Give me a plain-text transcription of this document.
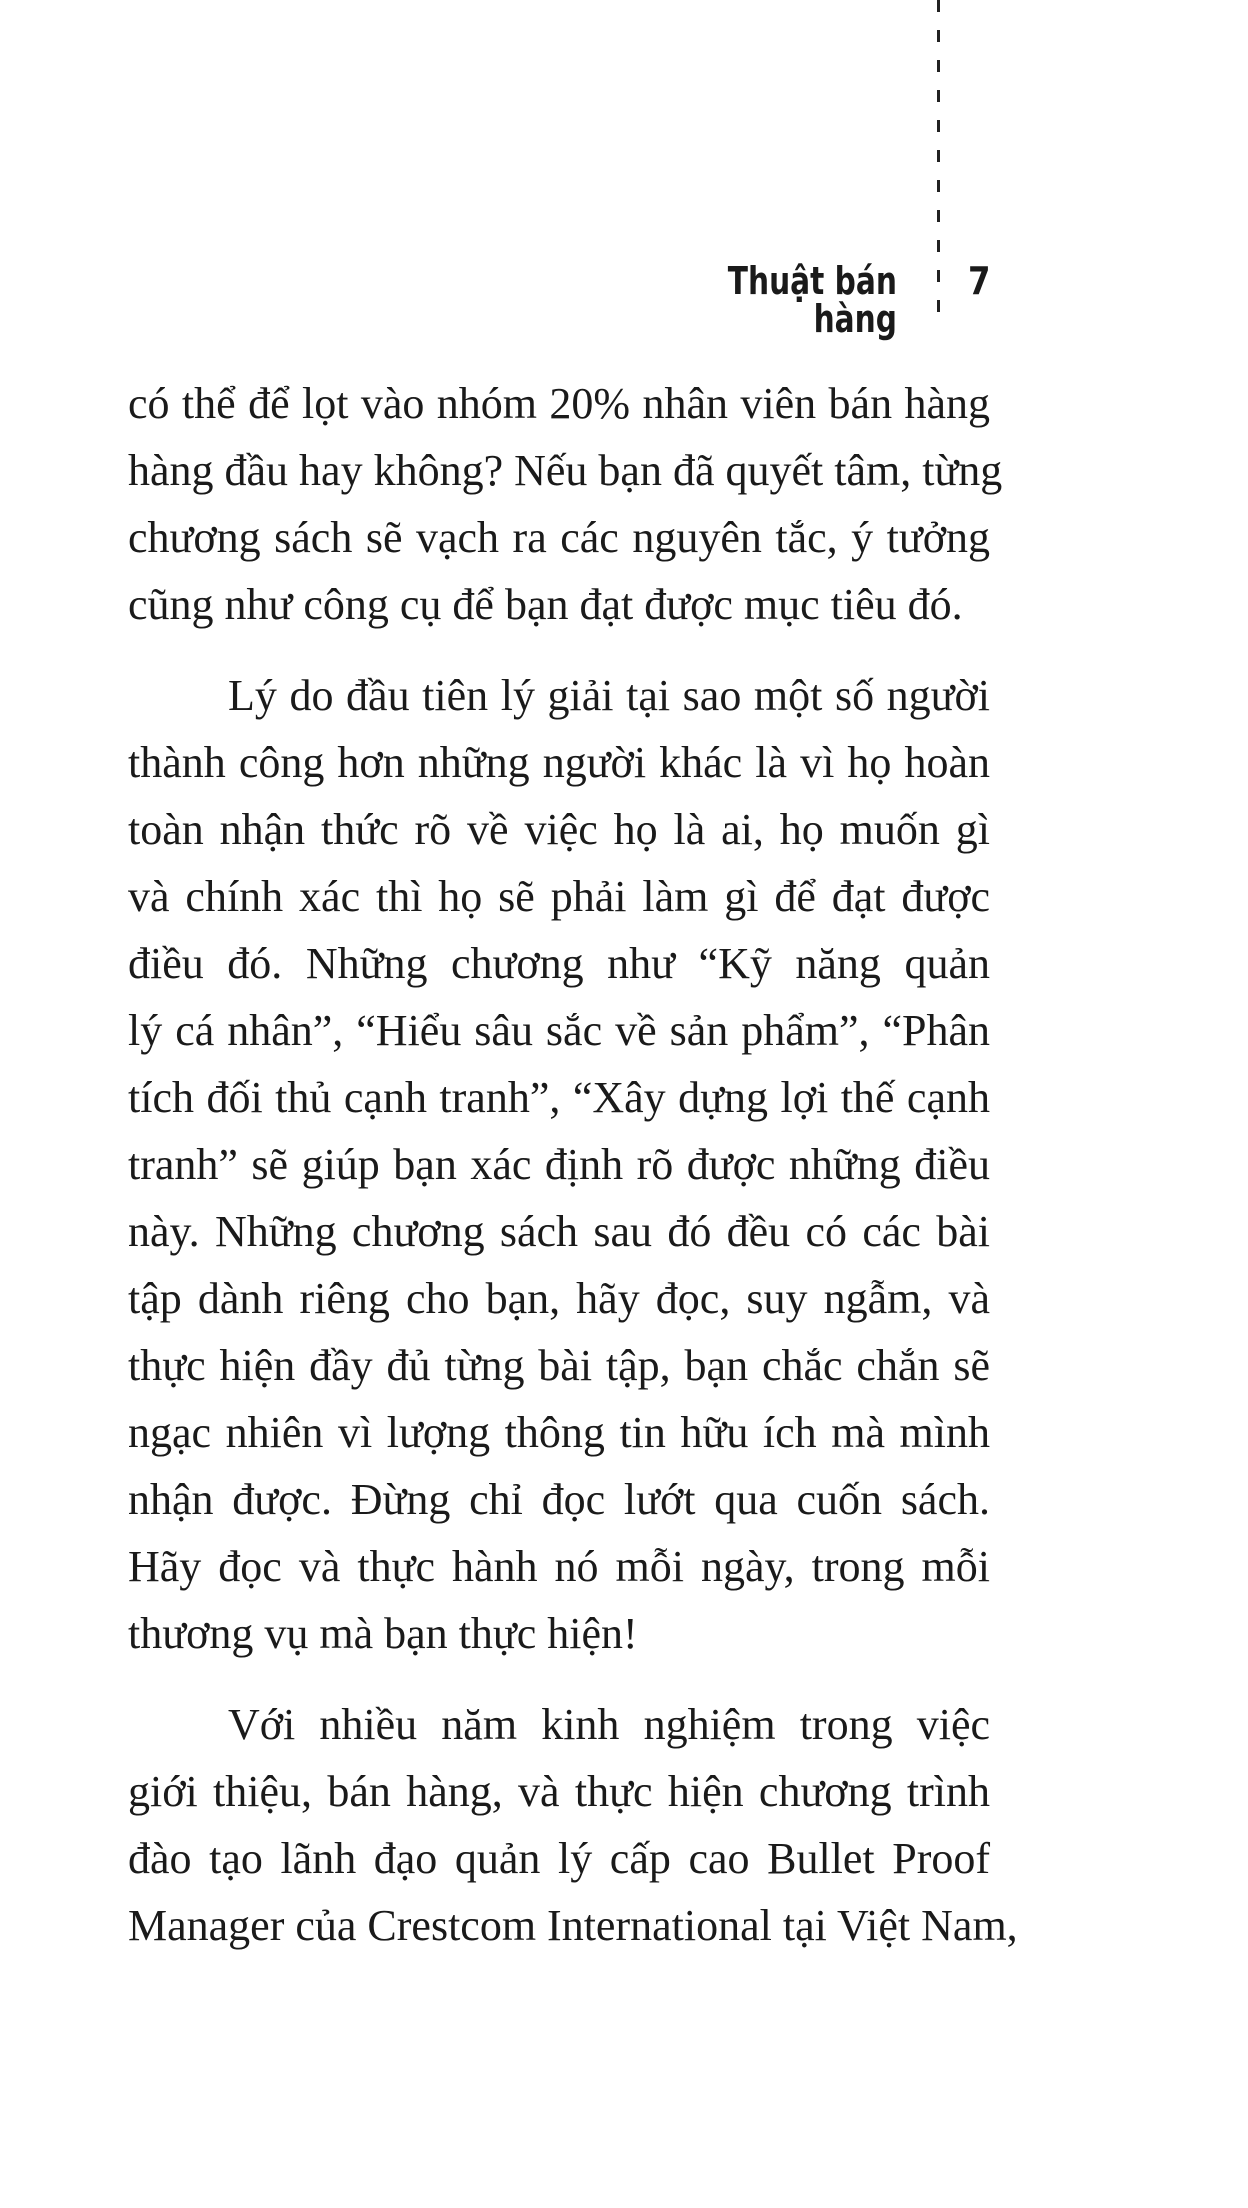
Thuật bán hàng
7
có thể để lọt vào nhóm 20% nhân viên bán hàng
hàng đầu hay không? Nếu bạn đã quyết tâm, từng
chương sách sẽ vạch ra các nguyên tắc, ý tưởng
cũng như công cụ để bạn đạt được mục tiêu đó.
Lý do đầu tiên lý giải tại sao một số người
thành công hơn những người khác là vì họ hoàn
toàn nhận thức rõ về việc họ là ai, họ muốn gì
và chính xác thì họ sẽ phải làm gì để đạt được
điều đó. Những chương như “Kỹ năng quản
lý cá nhân”, “Hiểu sâu sắc về sản phẩm”, “Phân
tích đối thủ cạnh tranh”, “Xây dựng lợi thế cạnh
tranh” sẽ giúp bạn xác định rõ được những điều
này. Những chương sách sau đó đều có các bài
tập dành riêng cho bạn, hãy đọc, suy ngẫm, và
thực hiện đầy đủ từng bài tập, bạn chắc chắn sẽ
ngạc nhiên vì lượng thông tin hữu ích mà mình
nhận được. Đừng chỉ đọc lướt qua cuốn sách.
Hãy đọc và thực hành nó mỗi ngày, trong mỗi
thương vụ mà bạn thực hiện!
Với nhiều năm kinh nghiệm trong việc
giới thiệu, bán hàng, và thực hiện chương trình
đào tạo lãnh đạo quản lý cấp cao Bullet Proof
Manager của Crestcom International tại Việt Nam,
